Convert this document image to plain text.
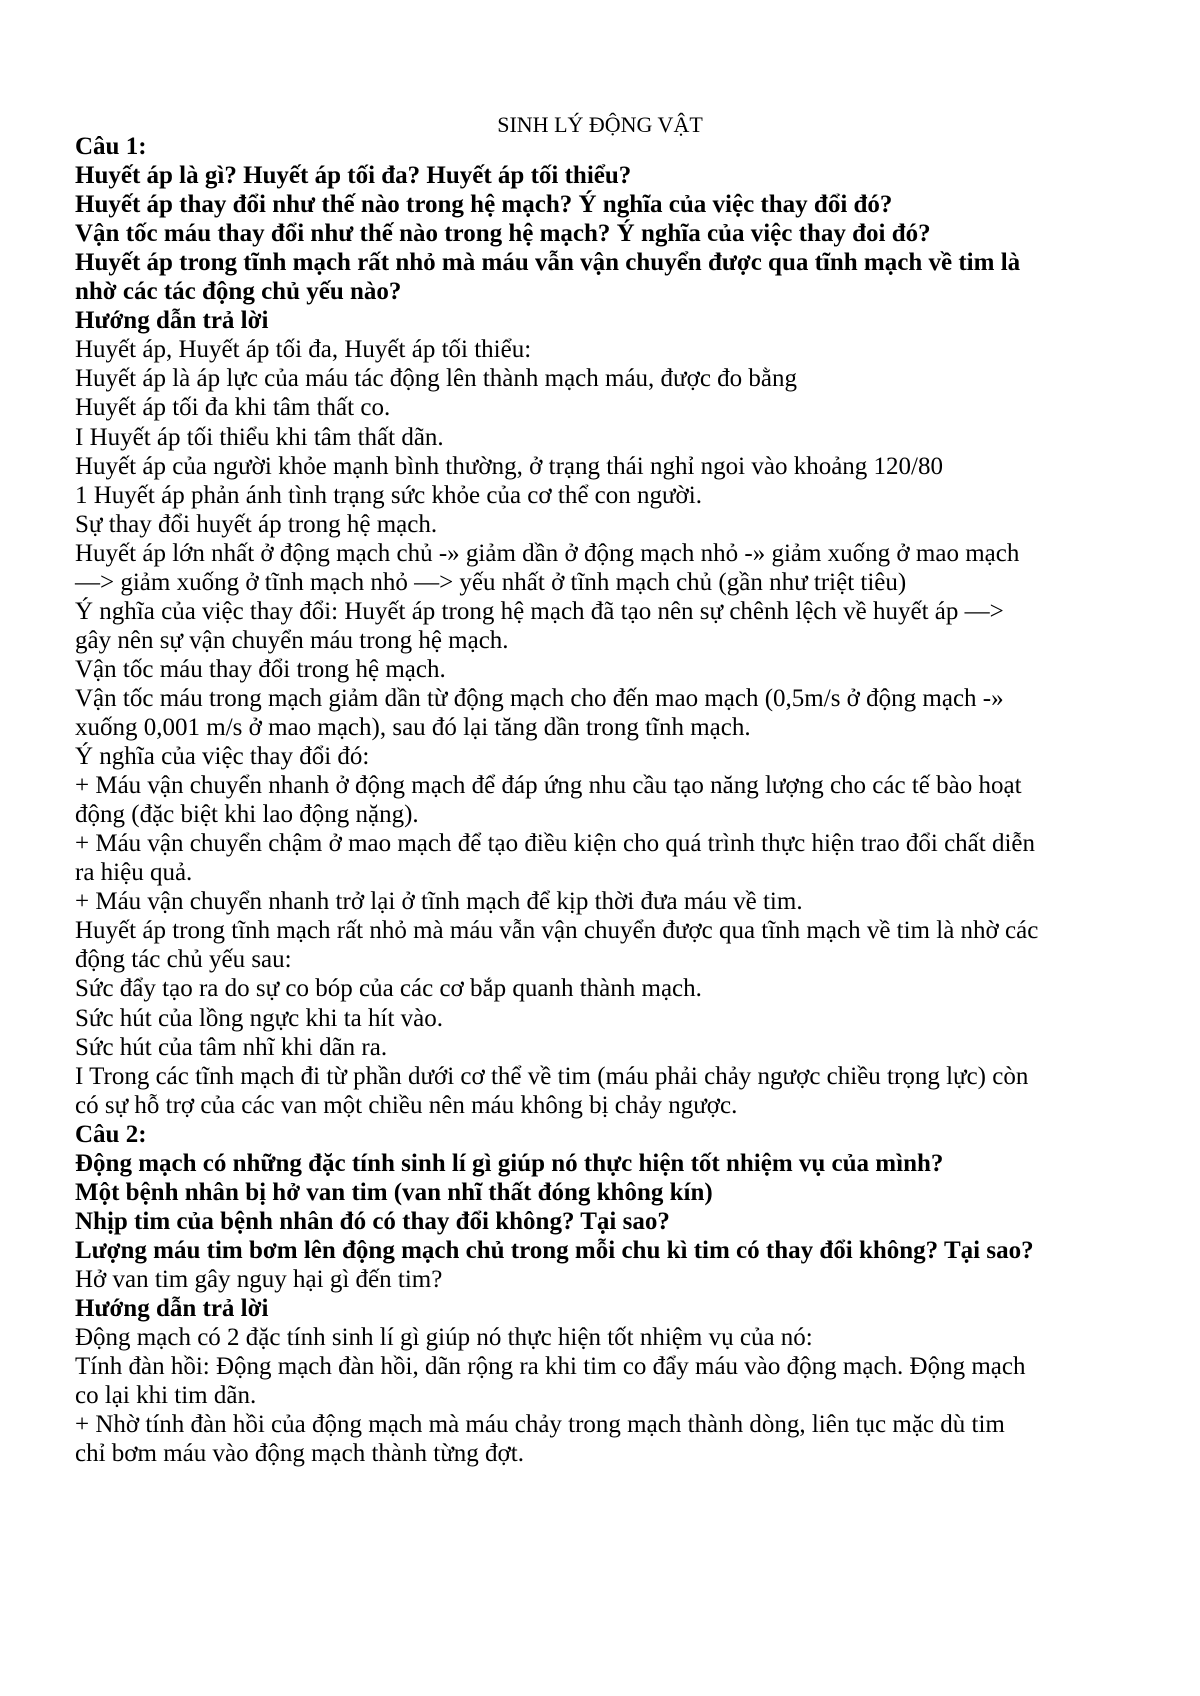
SINH LÝ ĐỘNG VẬT
Câu 1:
Huyết áp là gì? Huyết áp tối đa? Huyết áp tối thiểu?
Huyết áp thay đổi như thế nào trong hệ mạch? Ý nghĩa của việc thay đổi đó?
Vận tốc máu thay đổi như thế nào trong hệ mạch? Ý nghĩa của việc thay đoi đó?
Huyết áp trong tĩnh mạch rất nhỏ mà máu vẫn vận chuyển được qua tĩnh mạch về tim là
nhờ các tác động chủ yếu nào?
Hướng dẫn trả lời
Huyết áp, Huyết áp tối đa, Huyết áp tối thiểu:
Huyết áp là áp lực của máu tác động lên thành mạch máu, được đo bằng
Huyết áp tối đa khi tâm thất co.
I Huyết áp tối thiểu khi tâm thất dãn.
Huyết áp của người khỏe mạnh bình thường, ở trạng thái nghỉ ngoi vào khoảng 120/80
1 Huyết áp phản ánh tình trạng sức khỏe của cơ thể con người.
Sự thay đổi huyết áp trong hệ mạch.
Huyết áp lớn nhất ở động mạch chủ -» giảm dần ở động mạch nhỏ -» giảm xuống ở mao mạch
—> giảm xuống ở tĩnh mạch nhỏ —> yếu nhất ở tĩnh mạch chủ (gần như triệt tiêu)
Ý nghĩa của việc thay đổi: Huyết áp trong hệ mạch đã tạo nên sự chênh lệch về huyết áp —>
gây nên sự vận chuyển máu trong hệ mạch.
Vận tốc máu thay đổi trong hệ mạch.
Vận tốc máu trong mạch giảm dần từ động mạch cho đến mao mạch (0,5m/s ở động mạch -»
xuống 0,001 m/s ở mao mạch), sau đó lại tăng dần trong tĩnh mạch.
Ý nghĩa của việc thay đổi đó:
+ Máu vận chuyển nhanh ở động mạch để đáp ứng nhu cầu tạo năng lượng cho các tế bào hoạt
động (đặc biệt khi lao động nặng).
+ Máu vận chuyển chậm ở mao mạch để tạo điều kiện cho quá trình thực hiện trao đổi chất diễn
ra hiệu quả.
+ Máu vận chuyển nhanh trở lại ở tĩnh mạch để kịp thời đưa máu về tim.
Huyết áp trong tĩnh mạch rất nhỏ mà máu vẫn vận chuyển được qua tĩnh mạch về tim là nhờ các
động tác chủ yếu sau:
Sức đẩy tạo ra do sự co bóp của các cơ bắp quanh thành mạch.
Sức hút của lồng ngực khi ta hít vào.
Sức hút của tâm nhĩ khi dãn ra.
I Trong các tĩnh mạch đi từ phần dưới cơ thể về tim (máu phải chảy ngược chiều trọng lực) còn
có sự hỗ trợ của các van một chiều nên máu không bị chảy ngược.
Câu 2:
Động mạch có những đặc tính sinh lí gì giúp nó thực hiện tốt nhiệm vụ của mình?
Một bệnh nhân bị hở van tim (van nhĩ thất đóng không kín)
Nhịp tim của bệnh nhân đó có thay đổi không? Tại sao?
Lượng máu tim bơm lên động mạch chủ trong mỗi chu kì tim có thay đổi không? Tại sao?
Hở van tim gây nguy hại gì đến tim?
Hướng dẫn trả lời
Động mạch có 2 đặc tính sinh lí gì giúp nó thực hiện tốt nhiệm vụ của nó:
Tính đàn hồi: Động mạch đàn hồi, dãn rộng ra khi tim co đẩy máu vào động mạch. Động mạch
co lại khi tim dãn.
+ Nhờ tính đàn hồi của động mạch mà máu chảy trong mạch thành dòng, liên tục mặc dù tim
chỉ bơm máu vào động mạch thành từng đợt.
